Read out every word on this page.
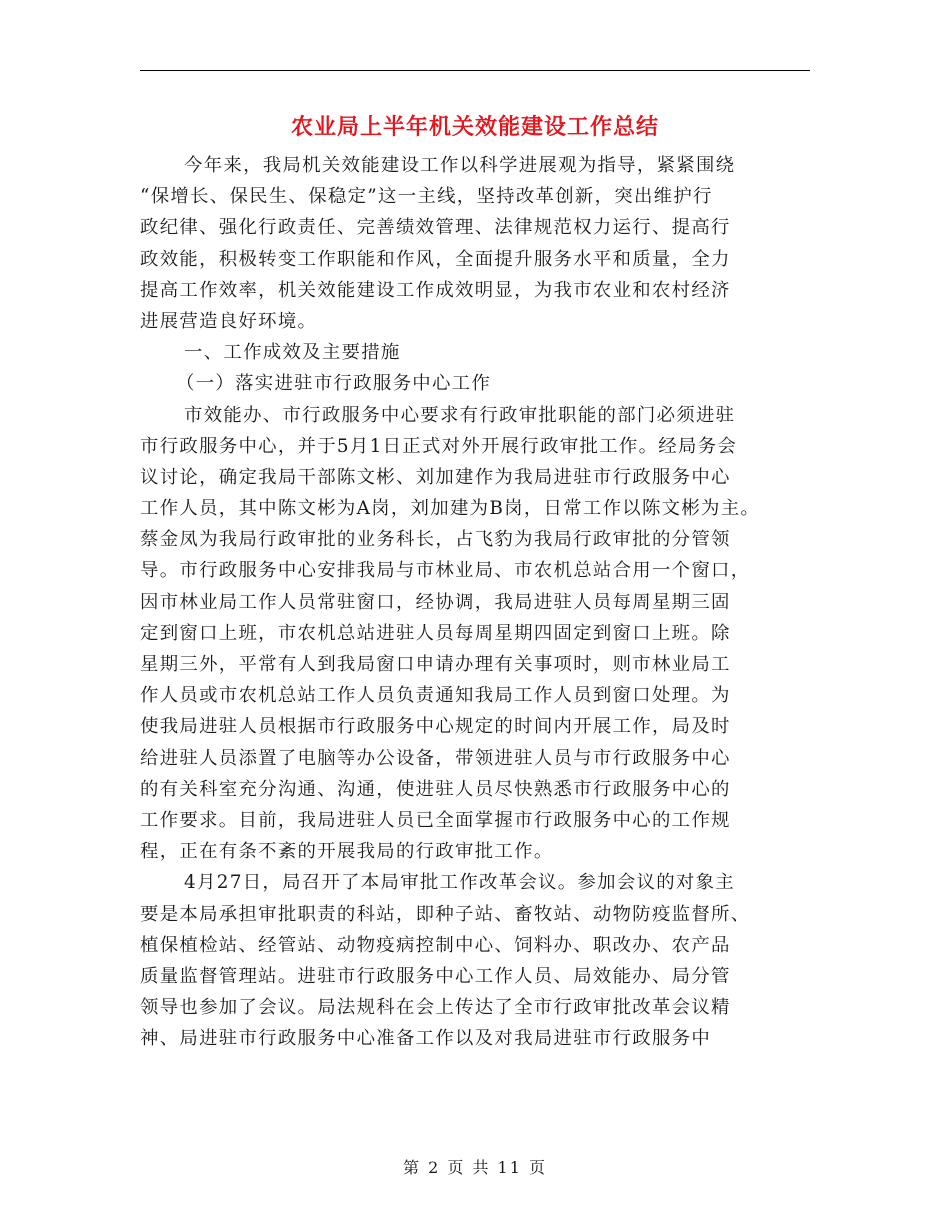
农业局上半年机关效能建设工作总结
今年来，我局机关效能建设工作以科学进展观为指导，紧紧围绕
“保增长、保民生、保稳定”这一主线，坚持改革创新，突出维护行
政纪律、强化行政责任、完善绩效管理、法律规范权力运行、提高行
政效能，积极转变工作职能和作风，全面提升服务水平和质量，全力
提高工作效率，机关效能建设工作成效明显，为我市农业和农村经济
进展营造良好环境。
一、工作成效及主要措施
（一）落实进驻市行政服务中心工作
市效能办、市行政服务中心要求有行政审批职能的部门必须进驻
市行政服务中心，并于5月1日正式对外开展行政审批工作。经局务会
议讨论，确定我局干部陈文彬、刘加建作为我局进驻市行政服务中心
工作人员，其中陈文彬为A岗，刘加建为B岗，日常工作以陈文彬为主。
蔡金凤为我局行政审批的业务科长，占飞豹为我局行政审批的分管领
导。市行政服务中心安排我局与市林业局、市农机总站合用一个窗口，
因市林业局工作人员常驻窗口，经协调，我局进驻人员每周星期三固
定到窗口上班，市农机总站进驻人员每周星期四固定到窗口上班。除
星期三外，平常有人到我局窗口申请办理有关事项时，则市林业局工
作人员或市农机总站工作人员负责通知我局工作人员到窗口处理。为
使我局进驻人员根据市行政服务中心规定的时间内开展工作，局及时
给进驻人员添置了电脑等办公设备，带领进驻人员与市行政服务中心
的有关科室充分沟通、沟通，使进驻人员尽快熟悉市行政服务中心的
工作要求。目前，我局进驻人员已全面掌握市行政服务中心的工作规
程，正在有条不紊的开展我局的行政审批工作。
4月27日，局召开了本局审批工作改革会议。参加会议的对象主
要是本局承担审批职责的科站，即种子站、畜牧站、动物防疫监督所、
植保植检站、经管站、动物疫病控制中心、饲料办、职改办、农产品
质量监督管理站。进驻市行政服务中心工作人员、局效能办、局分管
领导也参加了会议。局法规科在会上传达了全市行政审批改革会议精
神、局进驻市行政服务中心准备工作以及对我局进驻市行政服务中
第 2 页 共 11 页
